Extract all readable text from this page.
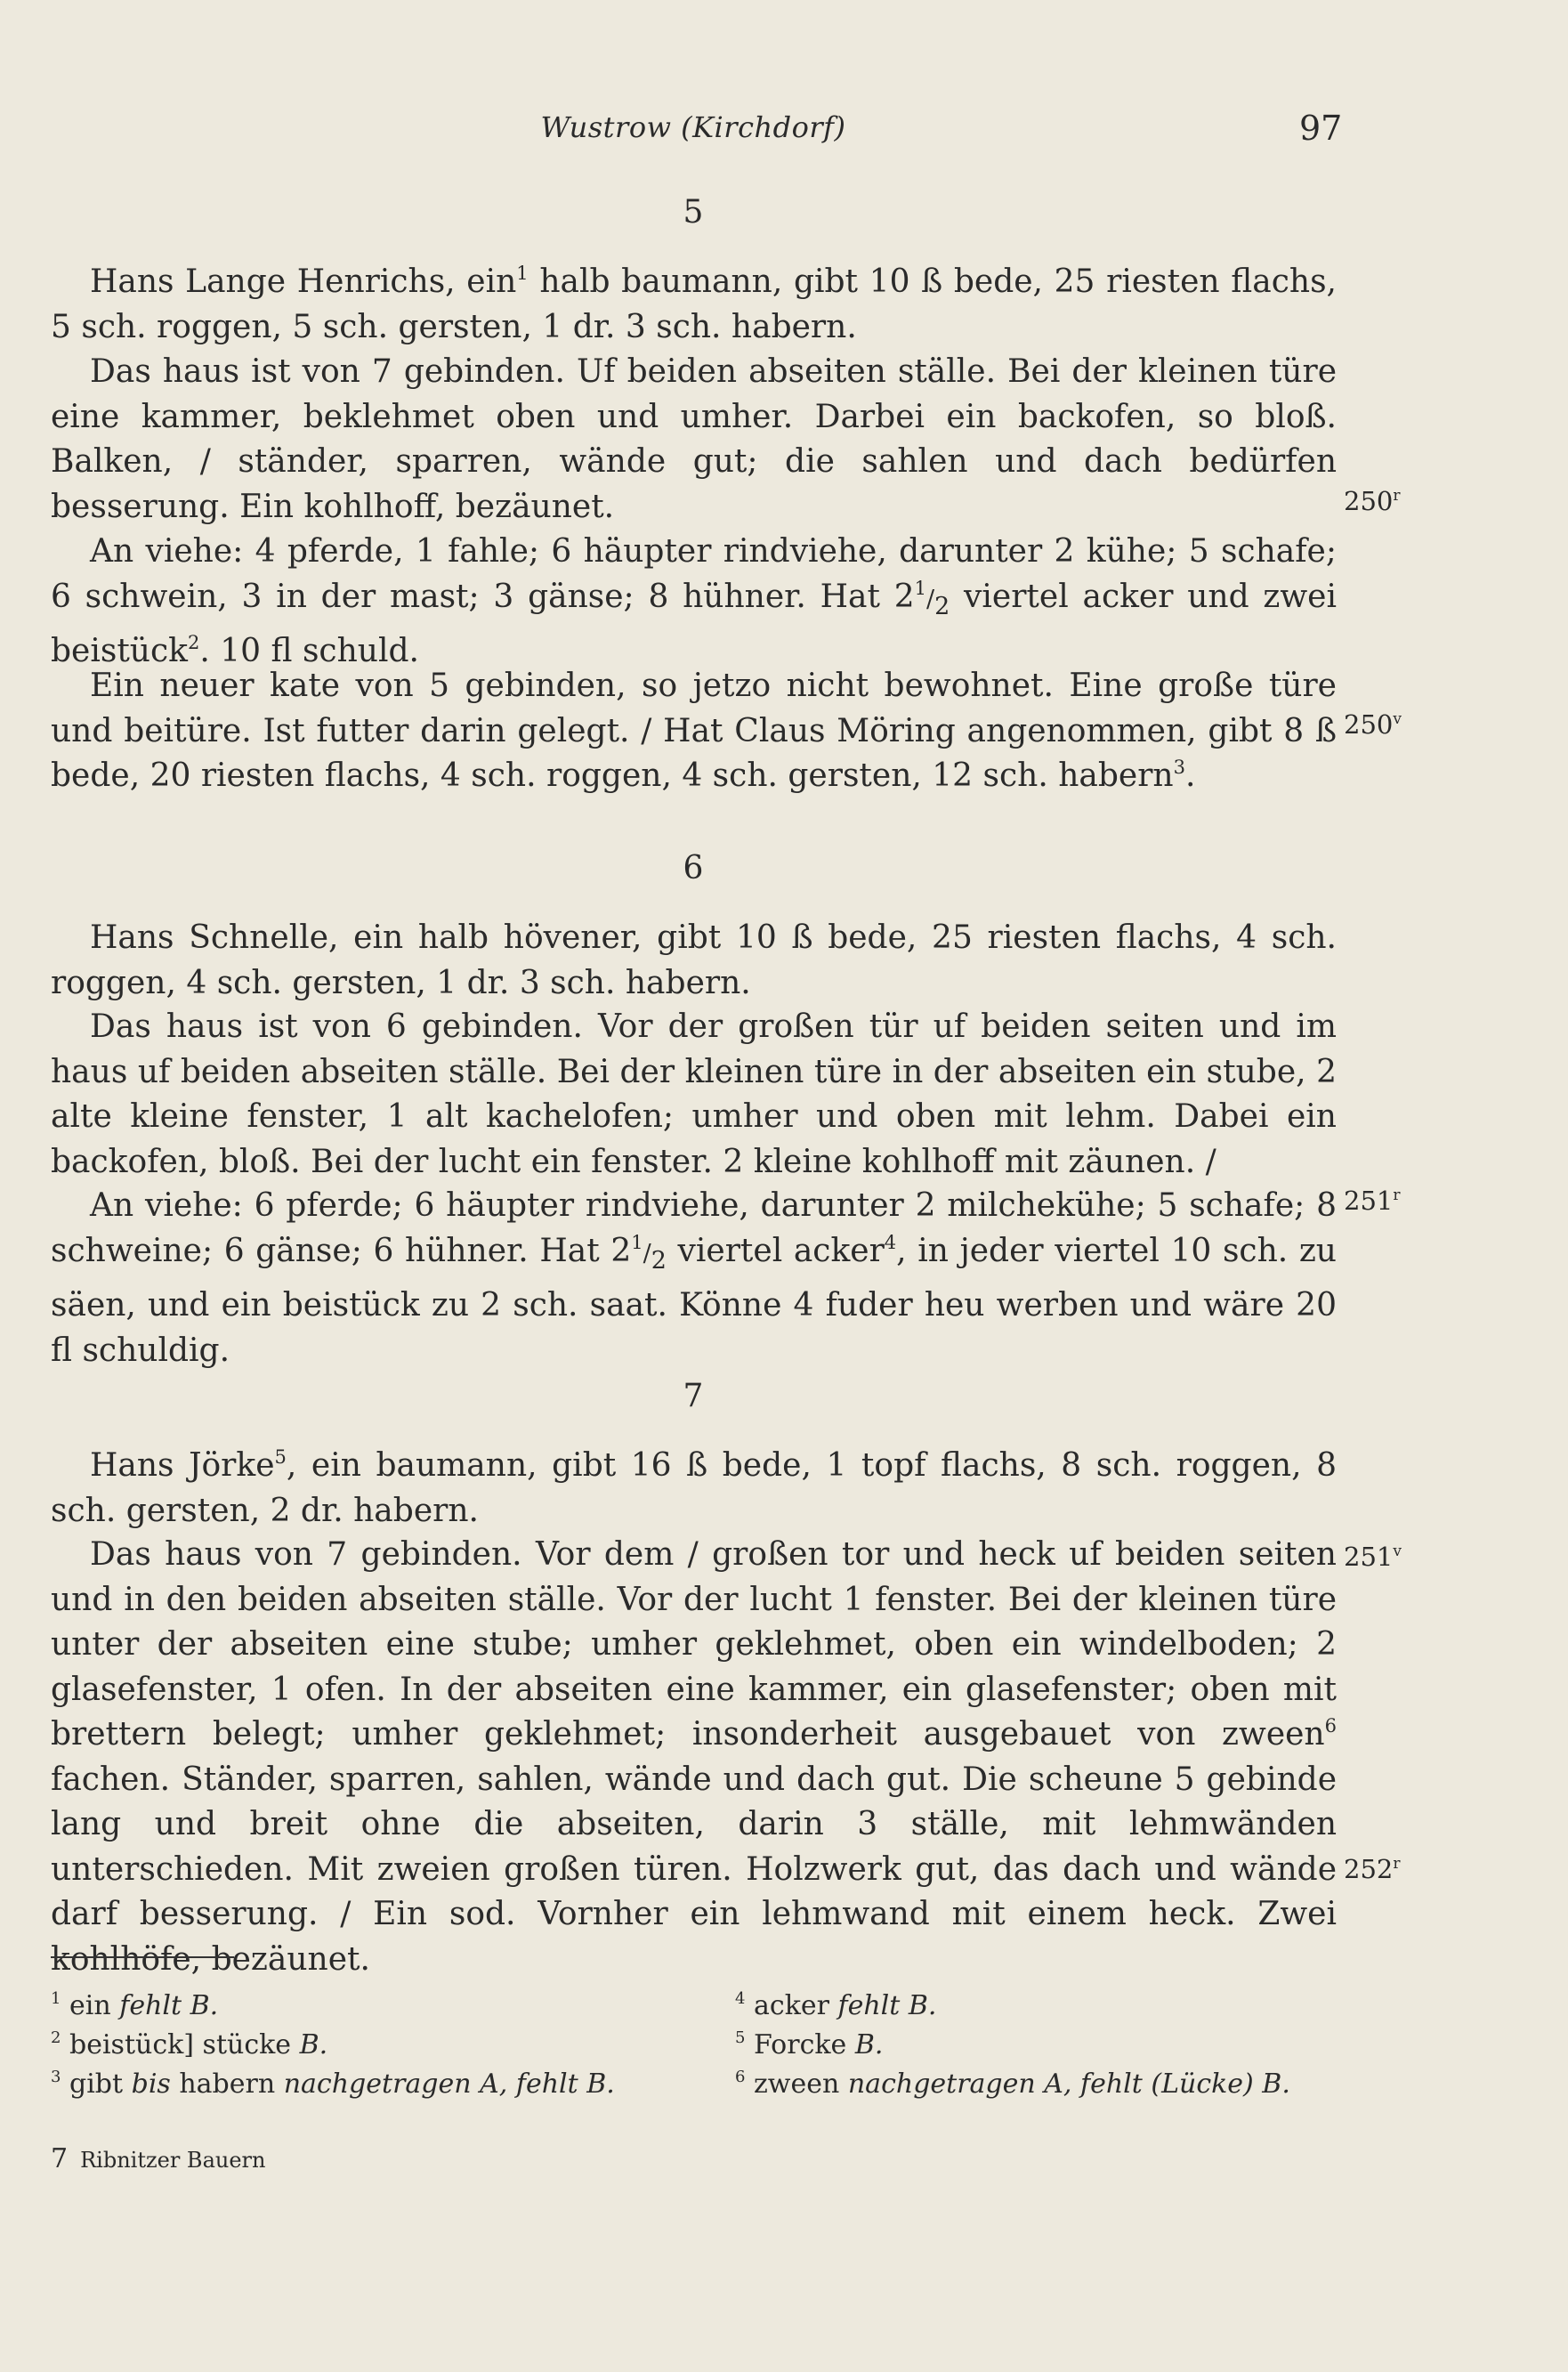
Wustrow (Kirchdorf)	97
5

Hans Lange Henrichs, ein$^1$ halb baumann, gibt 10 ß bede, 25 riesten flachs, 5 sch. roggen, 5 sch. gersten, 1 dr. 3 sch. habern.

Das haus ist von 7 gebinden. Uf beiden abseiten ställe. Bei der kleinen türe eine kammer, beklehmet oben und umher. Darbei ein backofen, so bloß. Balken, / ständer, sparren, wände gut; die sahlen und dach bedürfen besserung. Ein kohlhoff, bezäunet.

An viehe: 4 pferde, 1 fahle; 6 häupter rindviehe, darunter 2 kühe; 5 schafe; 6 schwein, 3 in der mast; 3 gänse; 8 hühner. Hat $2^1/_2$ viertel acker und zwei beistück$^2$. 10 fl schuld.

Ein neuer kate von 5 gebinden, so jetzo nicht bewohnet. Eine große türe und beitüre. Ist futter darin gelegt. / Hat Claus Möring angenommen, gibt 8 ß bede, 20 riesten flachs, 4 sch. roggen, 4 sch. gersten, 12 sch. habern$^3$.

6

Hans Schnelle, ein halb hövener, gibt 10 ß bede, 25 riesten flachs, 4 sch. roggen, 4 sch. gersten, 1 dr. 3 sch. habern.

Das haus ist von 6 gebinden. Vor der großen tür uf beiden seiten und im haus uf beiden abseiten ställe. Bei der kleinen türe in der abseiten ein stube, 2 alte kleine fenster, 1 alt kachelofen; umher und oben mit lehm. Dabei ein backofen, bloß. Bei der lucht ein fenster. 2 kleine kohlhoff mit zäunen. /

An viehe: 6 pferde; 6 häupter rindviehe, darunter 2 milchekühe; 5 schafe; 8 schweine; 6 gänse; 6 hühner. Hat $2^1/_2$ viertel acker$^4$, in jeder viertel 10 sch. zu säen, und ein beistück zu 2 sch. saat. Könne 4 fuder heu werben und wäre 20 fl schuldig.

7

Hans Jörke$^5$, ein baumann, gibt 16 ß bede, 1 topf flachs, 8 sch. roggen, 8 sch. gersten, 2 dr. habern.

Das haus von 7 gebinden. Vor dem / großen tor und heck uf beiden seiten und in den beiden abseiten ställe. Vor der lucht 1 fenster. Bei der kleinen türe unter der abseiten eine stube; umher geklehmet, oben ein windelboden; 2 glasefenster, 1 ofen. In der abseiten eine kammer, ein glasefenster; oben mit brettern belegt; umher geklehmet; insonderheit ausgebauet von zween$^6$ fachen. Ständer, sparren, sahlen, wände und dach gut. Die scheune 5 gebinde lang und breit ohne die abseiten, darin 3 ställe, mit lehmwänden unterschieden. Mit zweien großen türen. Holzwerk gut, das dach und wände darf besserung. / Ein sod. Vornher ein lehmwand mit einem heck. Zwei kohlhöfe, bezäunet.

250$^r$
250$^v$
251$^r$
251$^v$
252$^r$
$^1$ ein fehlt B.
$^2$ beistück] stücke B.
$^3$ gibt bis habern nachgetragen A, fehlt B.
$^4$ acker fehlt B.
$^5$ Forcke B.
$^6$ zween nachgetragen A, fehlt (Lücke) B.
7 Ribnitzer Bauern
